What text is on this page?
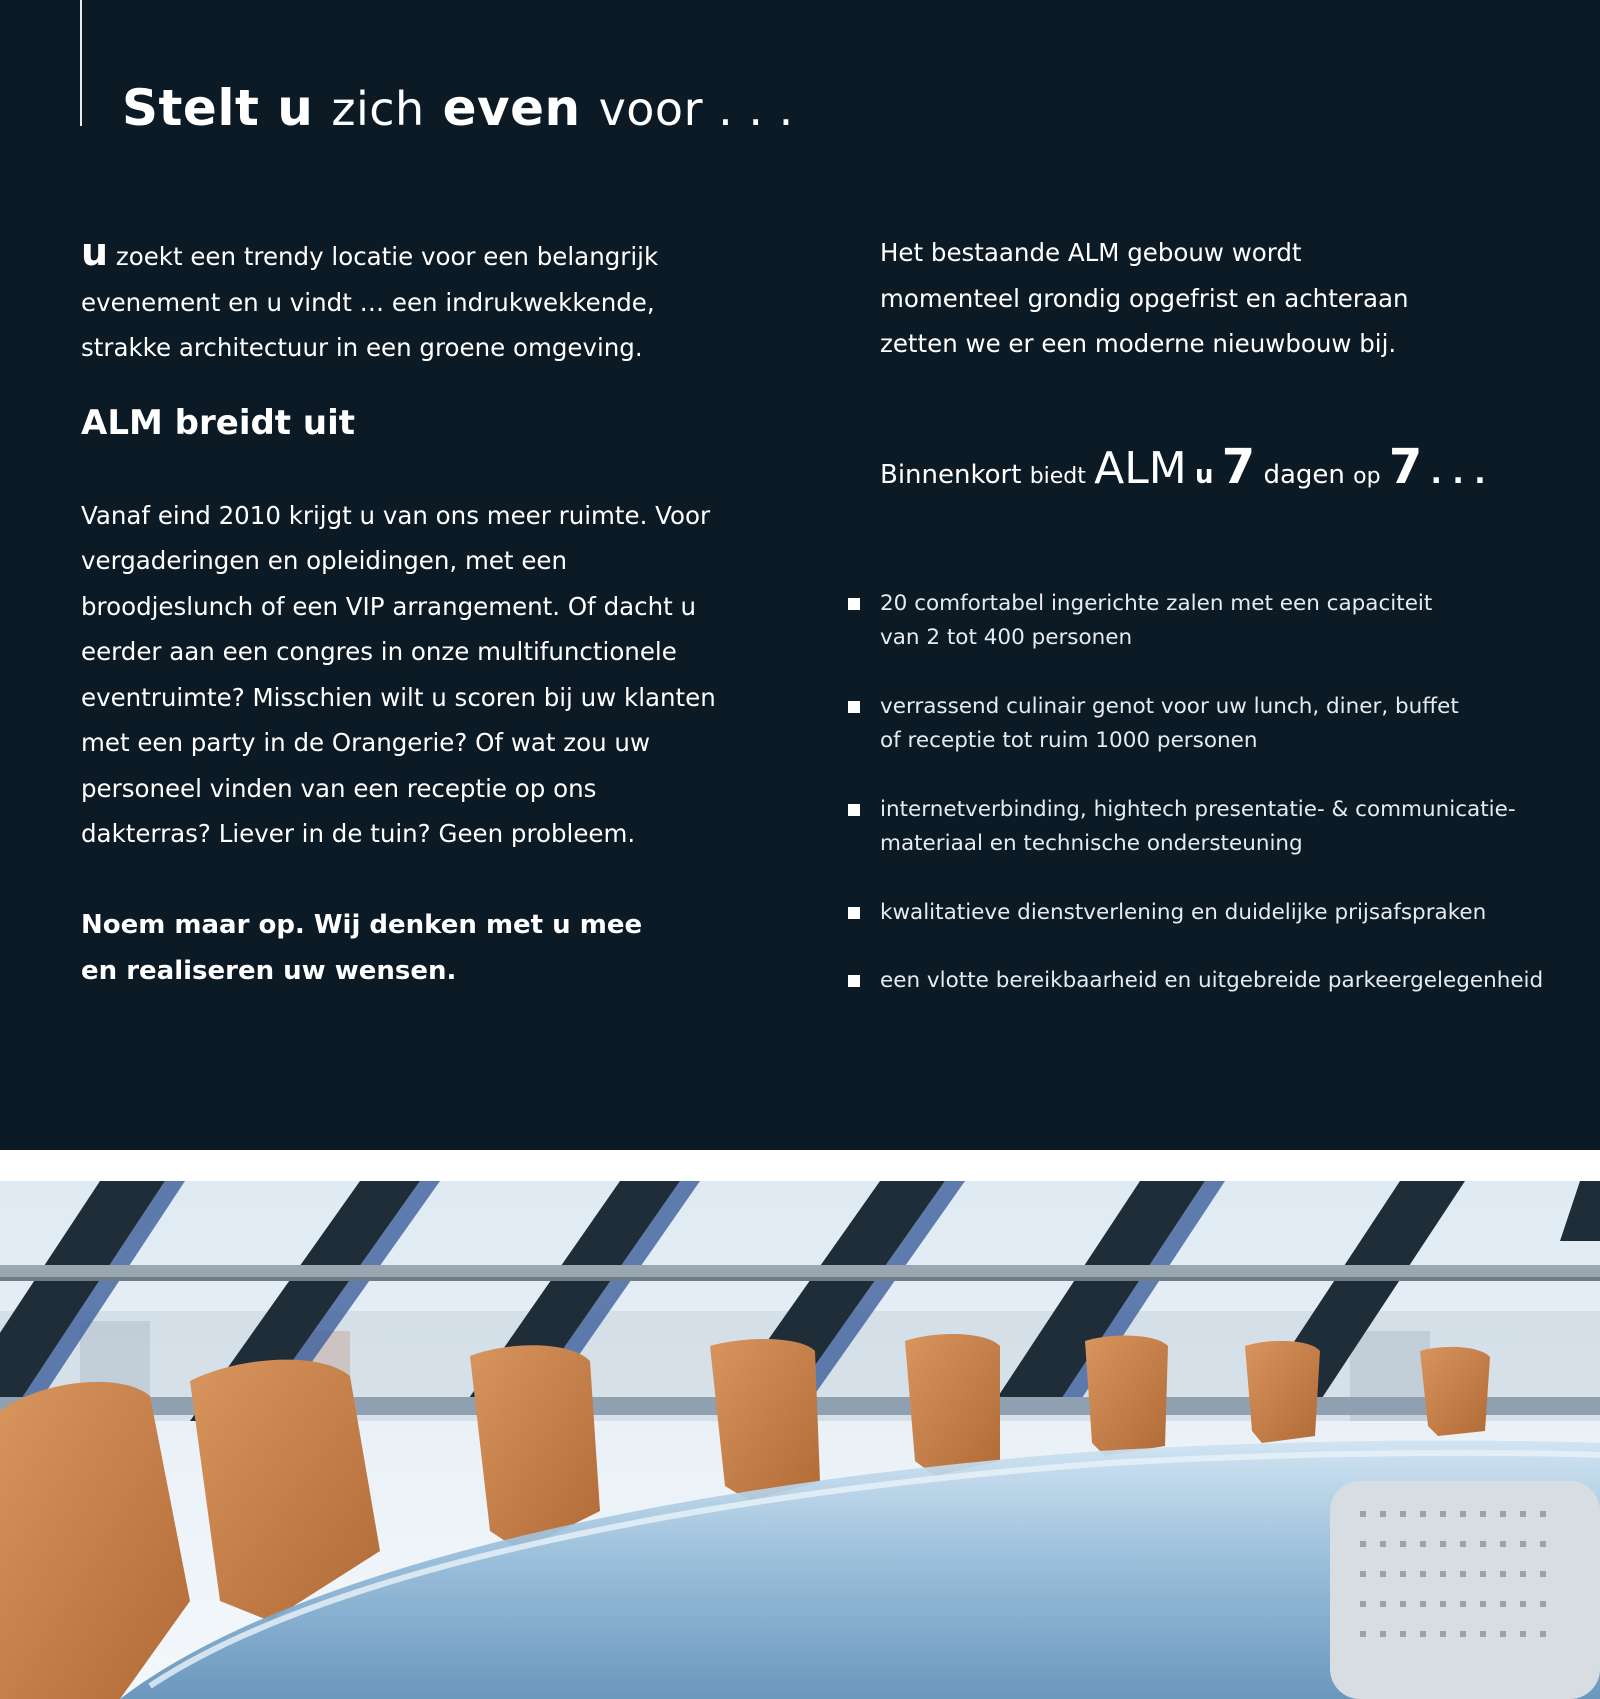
Stelt u zich even voor . . .

u zoekt een trendy locatie voor een belangrijk evenement en u vindt … een indrukwekkende, strakke architectuur in een groene omgeving.

ALM breidt uit

Vanaf eind 2010 krijgt u van ons meer ruimte. Voor vergaderingen en opleidingen, met een broodjeslunch of een VIP arrangement. Of dacht u eerder aan een congres in onze multifunctionele eventruimte? Misschien wilt u scoren bij uw klanten met een party in de Orangerie? Of wat zou uw personeel vinden van een receptie op ons dakterras? Liever in de tuin? Geen probleem.

Noem maar op. Wij denken met u mee
en realiseren uw wensen.

Het bestaande ALM gebouw wordt momenteel grondig opgefrist en achteraan zetten we er een moderne nieuwbouw bij.

Binnenkort biedt ALM u 7 dagen op 7 . . .

20 comfortabel ingerichte zalen met een capaciteit
van 2 tot 400 personen
verrassend culinair genot voor uw lunch, diner, buffet
of receptie tot ruim 1000 personen
internetverbinding, hightech presentatie- & communicatie-
materiaal en technische ondersteuning
kwalitatieve dienstverlening en duidelijke prijsafspraken
een vlotte bereikbaarheid en uitgebreide parkeergelegenheid
